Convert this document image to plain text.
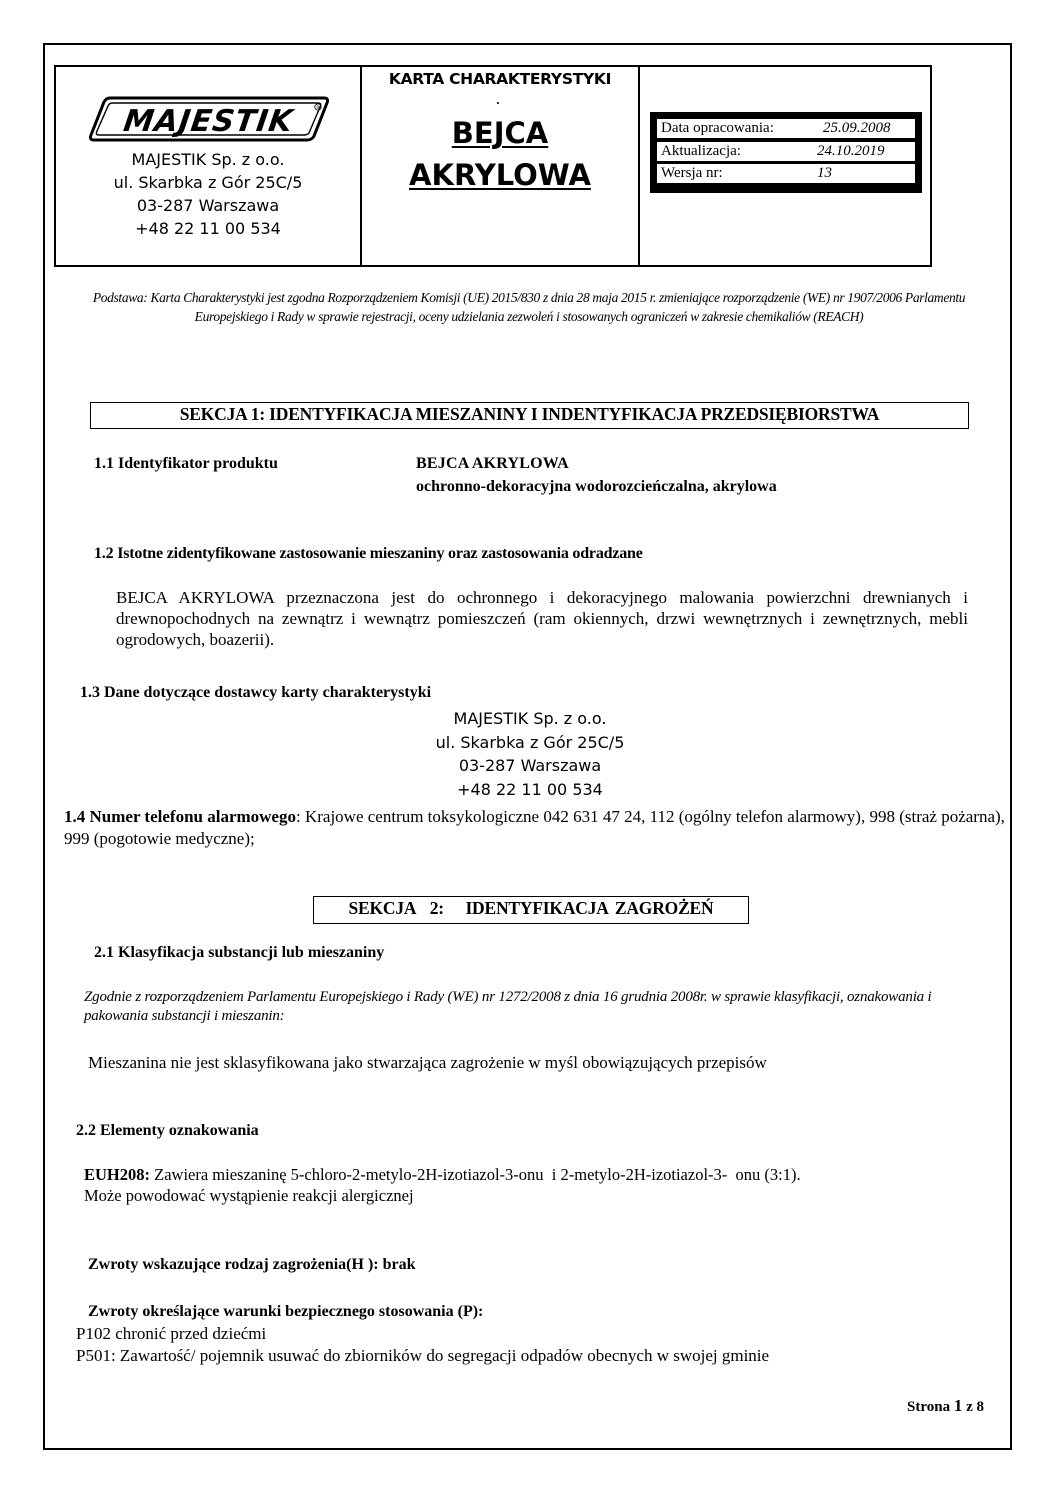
MAJESTIK	R
MAJESTIK Sp. z o.o.
ul. Skarbka z Gór 25C/5
03-287 Warszawa
+48 22 11 00 534
KARTA CHARAKTERYSTYKI
.
BEJCA
AKRYLOWA
Data opracowania:	25.09.2008
Aktualizacja:	24.10.2019
Wersja nr:	13
Podstawa: Karta Charakterystyki jest zgodna Rozporządzeniem Komisji (UE) 2015/830 z dnia 28 maja 2015 r. zmieniające rozporządzenie (WE) nr 1907/2006 Parlamentu Europejskiego i Rady w sprawie rejestracji, oceny udzielania zezwoleń i stosowanych ograniczeń w zakresie chemikaliów (REACH)
SEKCJA 1: IDENTYFIKACJA MIESZANINY I INDENTYFIKACJA PRZEDSIĘBIORSTWA
1.1 Identyfikator produktu	BEJCA AKRYLOWA
ochronno-dekoracyjna wodorozcieńczalna, akrylowa
1.2 Istotne zidentyfikowane zastosowanie mieszaniny oraz zastosowania odradzane
BEJCA AKRYLOWA przeznaczona jest do ochronnego i dekoracyjnego malowania powierzchni drewnianych i drewnopochodnych na zewnątrz i wewnątrz pomieszczeń (ram okiennych, drzwi wewnętrznych i zewnętrznych, mebli ogrodowych, boazerii).
1.3 Dane dotyczące dostawcy karty charakterystyki
MAJESTIK Sp. z o.o.
ul. Skarbka z Gór 25C/5
03-287 Warszawa
+48 22 11 00 534
1.4 Numer telefonu alarmowego: Krajowe centrum toksykologiczne 042 631 47 24, 112 (ogólny telefon alarmowy), 998 (straż pożarna), 999 (pogotowie medyczne);
SEKCJA  2:   IDENTYFIKACJA ZAGROŻEŃ
2.1 Klasyfikacja substancji lub mieszaniny
Zgodnie z rozporządzeniem Parlamentu Europejskiego i Rady (WE) nr 1272/2008 z dnia 16 grudnia 2008r. w sprawie klasyfikacji, oznakowania i pakowania substancji i mieszanin:
Mieszanina nie jest sklasyfikowana jako stwarzająca zagrożenie w myśl obowiązujących przepisów
2.2 Elementy oznakowania
EUH208: Zawiera mieszaninę 5-chloro-2-metylo-2H-izotiazol-3-onu  i 2-metylo-2H-izotiazol-3-  onu (3:1).
Może powodować wystąpienie reakcji alergicznej
Zwroty wskazujące rodzaj zagrożenia(H ): brak
Zwroty określające warunki bezpiecznego stosowania (P):
P102 chronić przed dziećmi
P501: Zawartość/ pojemnik usuwać do zbiorników do segregacji odpadów obecnych w swojej gminie
Strona 1 z 8
